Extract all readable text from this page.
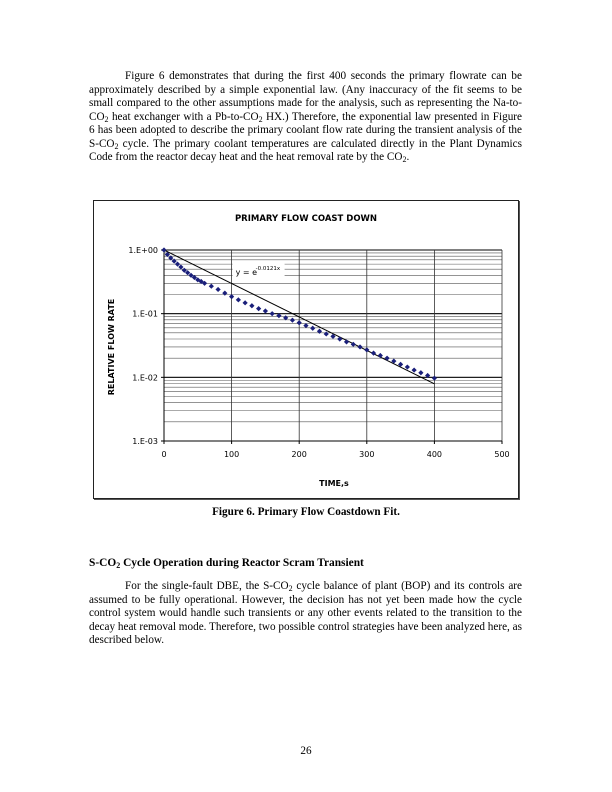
Figure 6 demonstrates that during the first 400 seconds the primary flowrate can be approximately described by a simple exponential law. (Any inaccuracy of the fit seems to be small compared to the other assumptions made for the analysis, such as representing the $Na-to-CO_2$ heat exchanger with a $Pb-to-CO_2$ HX.) Therefore, the exponential law presented in Figure 6 has been adopted to describe the primary coolant flow rate during the transient analysis of the $S-CO_2$ cycle. The primary coolant temperatures are calculated directly in the Plant Dynamics Code from the reactor decay heat and the heat removal rate by the $CO_2$.

0	100	200	300	400	500
1.E-03
1.E-02
1.E-01
1.E+00
y = e
-0.0121x
PRIMARY FLOW COAST DOWN
TIME,s
RELATIVE FLOW RATE
Figure 6. Primary Flow Coastdown Fit.
$S-CO_2$ Cycle Operation during Reactor Scram Transient

For the single-fault DBE, the $S-CO_2$ cycle balance of plant (BOP) and its controls are assumed to be fully operational. However, the decision has not yet been made how the cycle control system would handle such transients or any other events related to the transition to the decay heat removal mode. Therefore, two possible control strategies have been analyzed here, as described below.

26
